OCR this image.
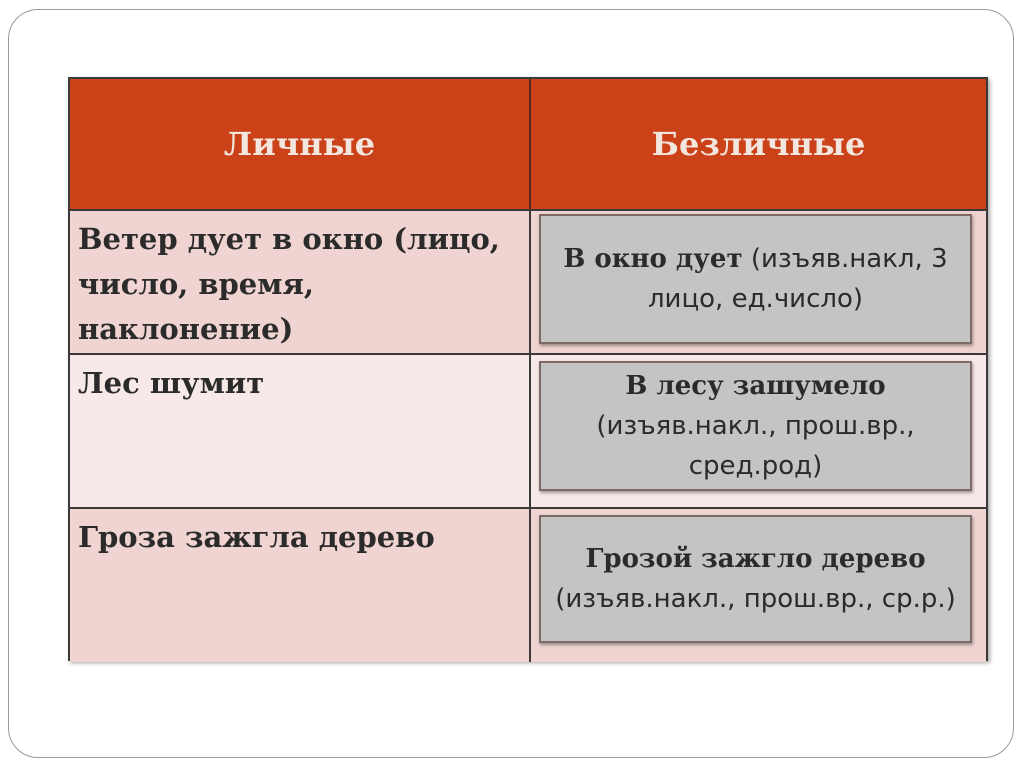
Личные	Безличные

Ветер дует в окно (лицо, число, время, наклонение)	В окно дует (изъяв.накл, 3 лицо, ед.число)

Лес шумит	В лесу зашумело (изъяв.накл., прош.вр., сред.род)

Гроза зажгла дерево	Грозой зажгло дерево (изъяв.накл., прош.вр., ср.р.)
